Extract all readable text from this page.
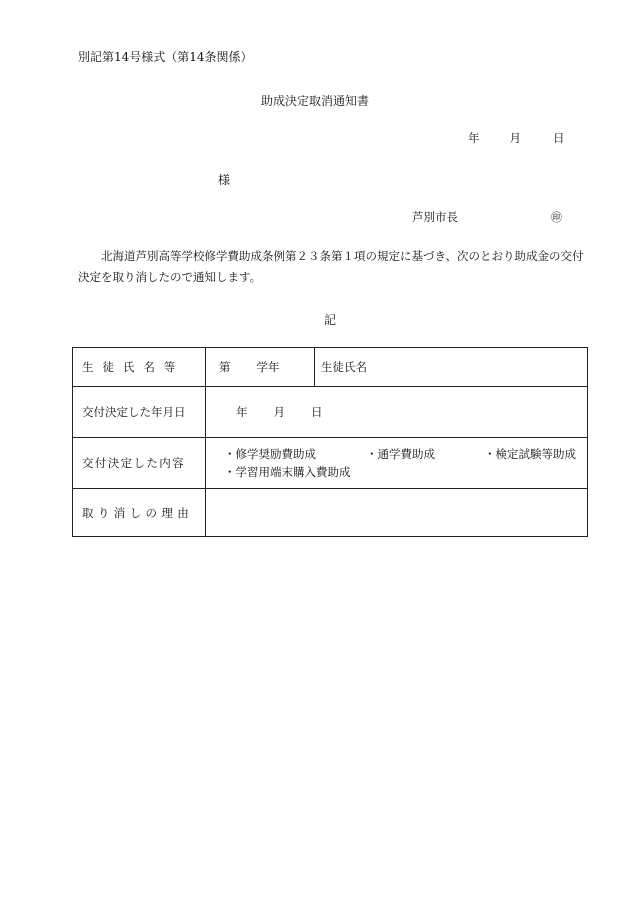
別記第14号様式（第14条関係）
助成決定取消通知書
年	月	日
様
芦別市長	㊞
北海道芦別高等学校修学費助成条例第２３条第１項の規定に基づき、次のとおり助成金の交付決定を取り消したので通知します。
記
生徒氏名等	第 学年	生徒氏名
交付決定した年月日	年 月 日	

交付決定した内容	・修学奨励費助成 ・通学費助成 ・検定試験等助成
・学習用端末購入費助成	

取り消しの理由		
